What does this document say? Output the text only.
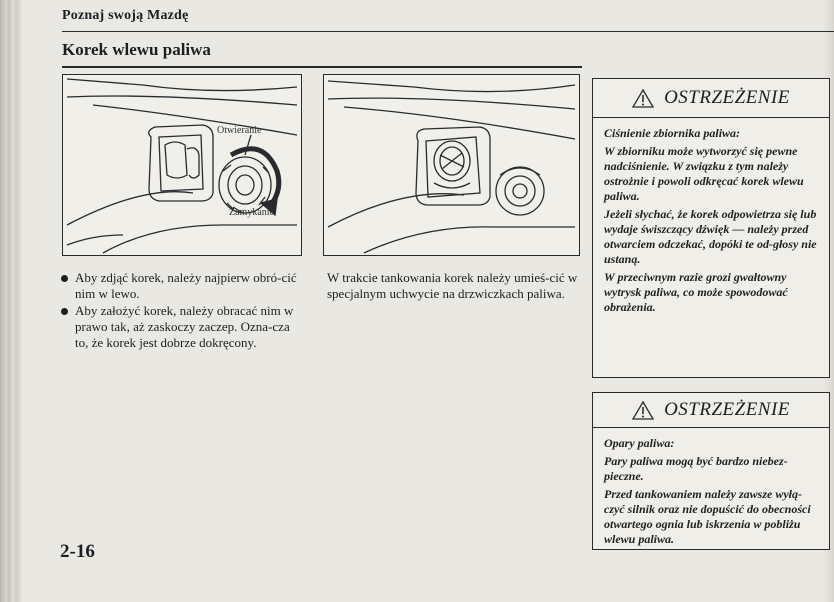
Poznaj swoją Mazdę
Korek wlewu paliwa
Otwieranie
Zamykanie
Aby zdjąć korek, należy najpierw obró-cić nim w lewo.
Aby założyć korek, należy obracać nim w prawo tak, aż zaskoczy zaczep. Ozna-cza to, że korek jest dobrze dokręcony.

W trakcie tankowania korek należy umieś-cić w specjalnym uchwycie na drzwiczkach paliwa.

OSTRZEŻENIE

Ciśnienie zbiornika paliwa:

W zbiorniku może wytworzyć się pewne nadciśnienie. W związku z tym należy ostrożnie i powoli odkręcać korek wlewu paliwa.

Jeżeli słychać, że korek odpowietrza się lub wydaje świszczący dźwięk — należy przed otwarciem odczekać, dopóki te od-głosy nie ustaną.

W przeciwnym razie grozi gwałtowny wytrysk paliwa, co może spowodować obrażenia.

OSTRZEŻENIE

Opary paliwa:

Pary paliwa mogą być bardzo niebez-pieczne.

Przed tankowaniem należy zawsze wyłą-czyć silnik oraz nie dopuścić do obecności otwartego ognia lub iskrzenia w pobliżu wlewu paliwa.

2-16
